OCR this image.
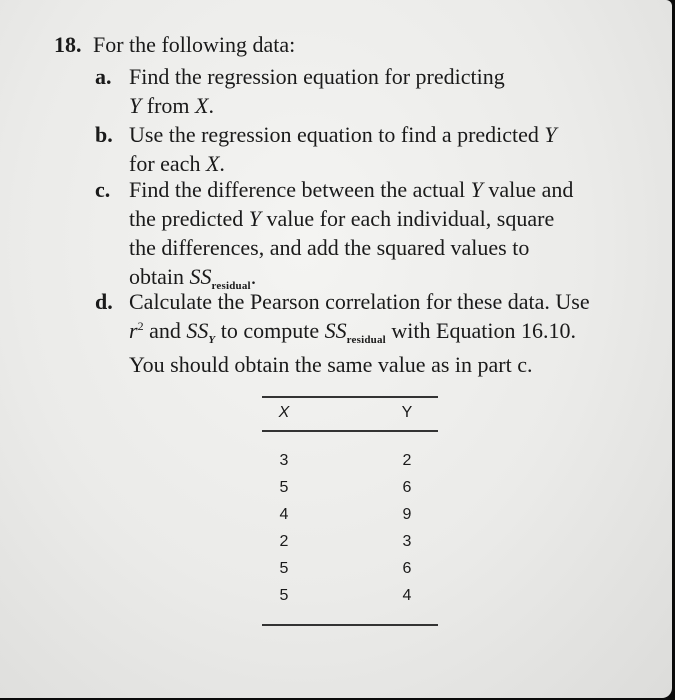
18. For the following data:
a. Find the regression equation for predicting
Y from X.
b. Use the regression equation to find a predicted Y
for each X.
c. Find the difference between the actual Y value and
the predicted Y value for each individual, square
the differences, and add the squared values to
obtain $SS_{residual}$.
d. Calculate the Pearson correlation for these data. Use
$r^2$ and $SS_Y$ to compute $SS_{residual}$ with Equation 16.10.
You should obtain the same value as in part c.
X	Y
3	2
5	6
4	9
2	3
5	6
5	4
